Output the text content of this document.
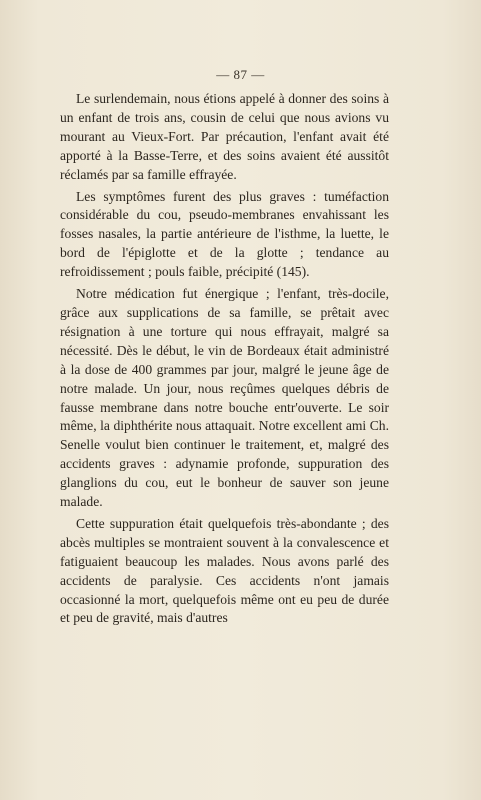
— 87 —

Le surlendemain, nous étions appelé à donner des soins à un enfant de trois ans, cousin de celui que nous avions vu mourant au Vieux-Fort. Par précaution, l'enfant avait été apporté à la Basse-Terre, et des soins avaient été aussitôt réclamés par sa famille effrayée.

Les symptômes furent des plus graves : tuméfaction considérable du cou, pseudo-membranes envahissant les fosses nasales, la partie antérieure de l'isthme, la luette, le bord de l'épiglotte et de la glotte ; tendance au refroidissement ; pouls faible, précipité (145).

Notre médication fut énergique ; l'enfant, très-docile, grâce aux supplications de sa famille, se prêtait avec résignation à une torture qui nous effrayait, malgré sa nécessité. Dès le début, le vin de Bordeaux était administré à la dose de 400 grammes par jour, malgré le jeune âge de notre malade. Un jour, nous reçûmes quelques débris de fausse membrane dans notre bouche entr'ouverte. Le soir même, la diphthérite nous attaquait. Notre excellent ami Ch. Senelle voulut bien continuer le traitement, et, malgré des accidents graves : adynamie profonde, suppuration des glanglions du cou, eut le bonheur de sauver son jeune malade.

Cette suppuration était quelquefois très-abondante ; des abcès multiples se montraient souvent à la convalescence et fatiguaient beaucoup les malades. Nous avons parlé des accidents de paralysie. Ces accidents n'ont jamais occasionné la mort, quelquefois même ont eu peu de durée et peu de gravité, mais d'autres
